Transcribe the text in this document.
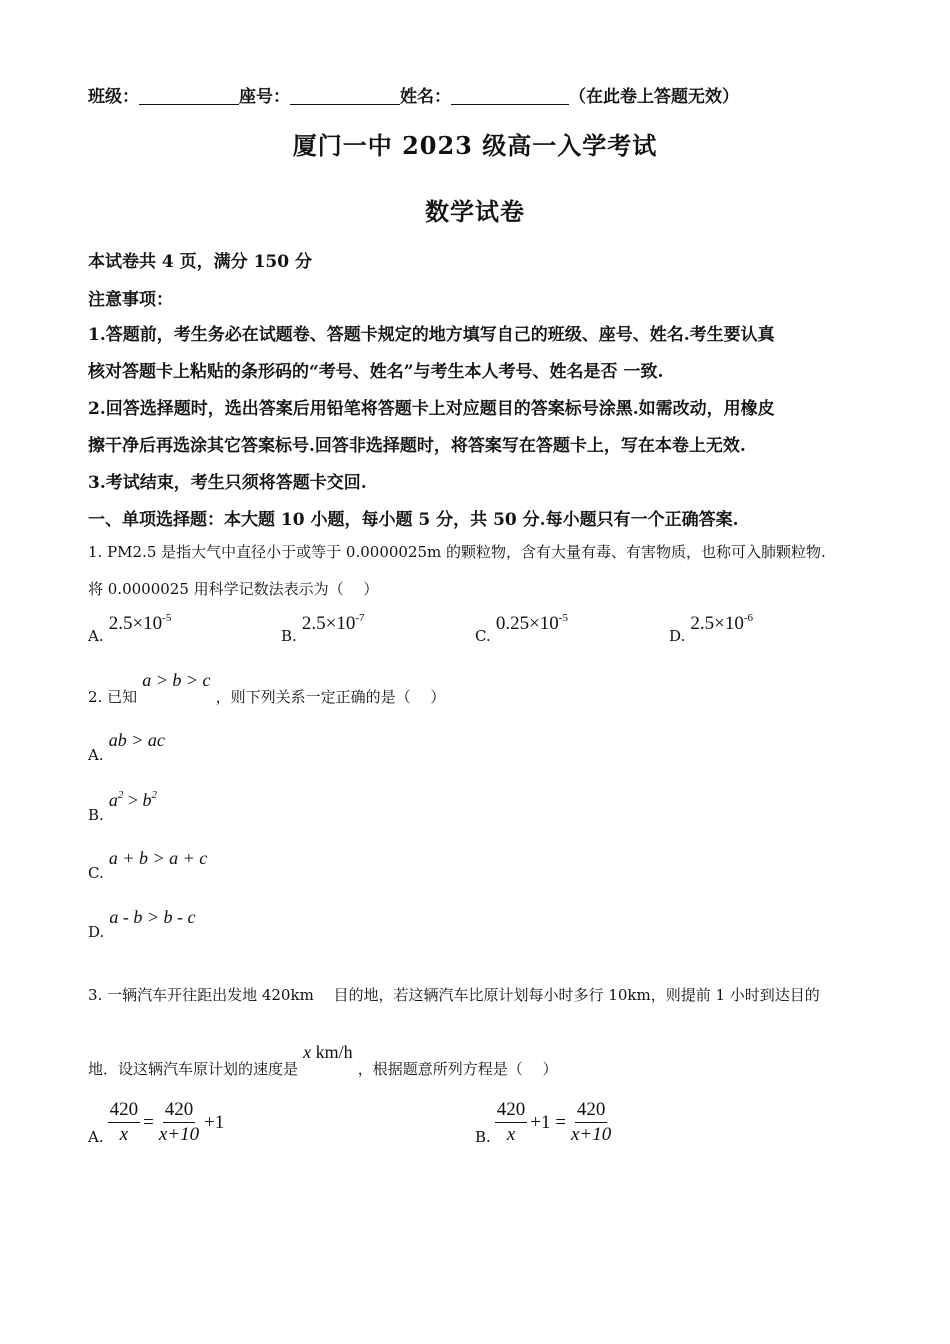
班级：	座号：	姓名：	（在此卷上答题无效）
厦门一中 2023 级高一入学考试
数学试卷
本试卷共 4 页，满分 150 分
注意事项：
1.答题前，考生务必在试题卷、答题卡规定的地方填写自己的班级、座号、姓名.考生要认真
核对答题卡上粘贴的条形码的“考号、姓名”与考生本人考号、姓名是否 一致.
2.回答选择题时，选出答案后用铅笔将答题卡上对应题目的答案标号涂黑.如需改动，用橡皮
擦干净后再选涂其它答案标号.回答非选择题时，将答案写在答题卡上，写在本卷上无效.
3.考试结束，考生只须将答题卡交回.
一、单项选择题：本大题 10 小题，每小题 5 分，共 50 分.每小题只有一个正确答案.
1. PM2.5 是指大气中直径小于或等于 0.0000025m 的颗粒物，含有大量有毒、有害物质，也称可入肺颗粒物.
将 0.0000025 用科学记数法表示为（　 ）
A. $2.5\times 10^{-5}$
B. $2.5\times 10^{-7}$
C. $0.25\times 10^{-5}$
D. $2.5\times 10^{-6}$
2. 已知 a > b > c ，则下列关系一定正确的是（　 ）
A. ab > ac
B. $a^2 > b^2$
C. a + b > a + c
D. a - b > b - c
3. 一辆汽车开往距出发地 420km　 目的地，若这辆汽车比原计划每小时多行 10km，则提前 1 小时到达目的
地．设这辆汽车原计划的速度是 x km/h ，根据题意所列方程是（　 ）
A. $\frac{420}{x} = \frac{420}{x+10} +1$
B. $\frac{420}{x} +1 = \frac{420}{x+10}$
